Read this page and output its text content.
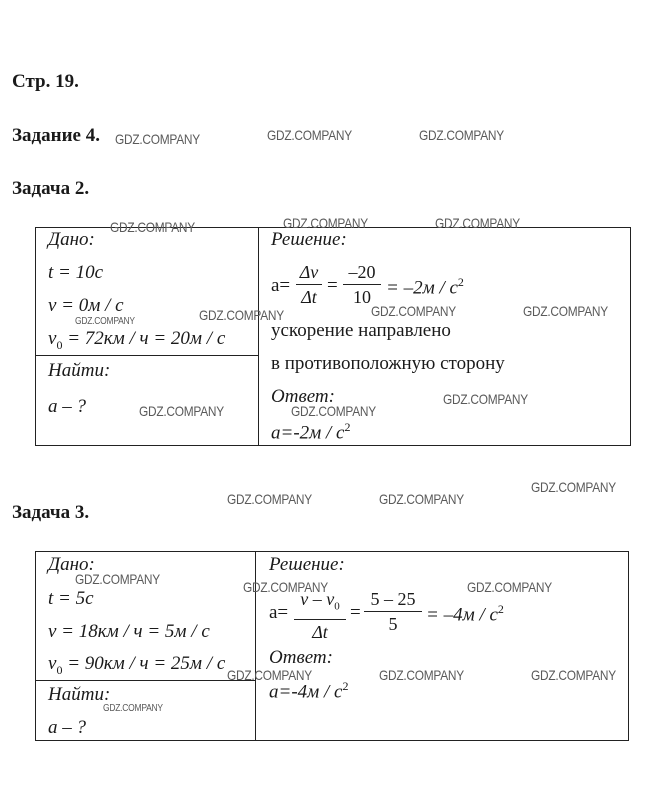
Стр. 19.
Задание 4.
Задача 2.
Задача 3.
Дано:
t = 10c
v = 0м / c
$v_0 = 72км / ч = 20м / c$
Найти:
a – ?
Решение:
a=
Δv
Δt
=
–20
$10 = -2м / c^2$
ускорение направлено
в противоположную сторону
Ответ:
$a=-2м / c^2$
Дано:
t = 5c
v = 18км / ч = 5м / c
$v_0 = 90км / ч = 25м / c$
Найти:
a – ?
Решение:
a=
v – $v_0$
Δt
=
5 – 25
5	= $-4м / c^2$
Ответ:
$a=-4м / c^2$
GDZ.COMPANY	GDZ.COMPANY	GDZ.COMPANY
GDZ.COMPANY	GDZ.COMPANY	GDZ.COMPANY
GDZ.COMPANY	GDZ.COMPANY	GDZ.COMPANY
GDZ.COMPANY
GDZ.COMPANY	GDZ.COMPANY
GDZ.COMPANY
GDZ.COMPANY	GDZ.COMPANY
GDZ.COMPANY
GDZ.COMPANY	GDZ.COMPANY	GDZ.COMPANY
GDZ.COMPANY	GDZ.COMPANY	GDZ.COMPANY
GDZ.COMPANY
